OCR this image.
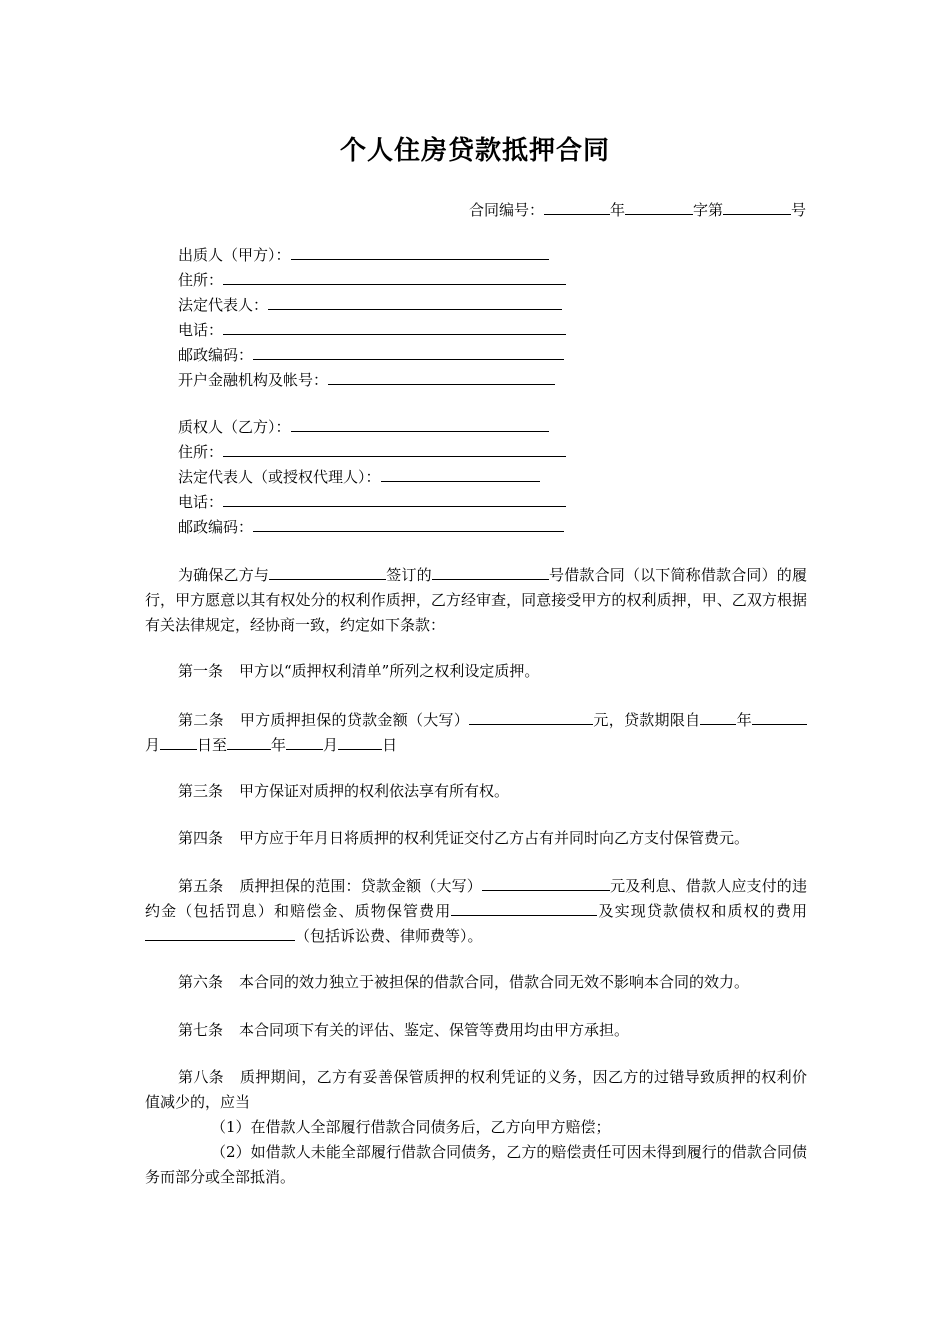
个人住房贷款抵押合同
合同编号：	年	字第	号
出质人（甲方）：
住所：
法定代表人：
电话：
邮政编码：
开户金融机构及帐号：
质权人（乙方）：
住所：
法定代表人（或授权代理人）：
电话：
邮政编码：
为确保乙方与	签订的	号借款合同（以下简称借款合同）的履行，甲方愿意以其有权处分的权利作质押，乙方经审查，同意接受甲方的权利质押，甲、乙双方根据有关法律规定，经协商一致，约定如下条款：
第一条 甲方以“质押权利清单”所列之权利设定质押。
第二条 甲方质押担保的贷款金额（大写）	元，贷款期限自 年月 日至	年 月	日
第三条 甲方保证对质押的权利依法享有所有权。
第四条 甲方应于年月日将质押的权利凭证交付乙方占有并同时向乙方支付保管费元。
第五条 质押担保的范围：贷款金额（大写）	元及利息、借款人应支付的违约金（包括罚息）和赔偿金、质物保管费用	及实现贷款债权和质权的费用（包括诉讼费、律师费等）。
第六条 本合同的效力独立于被担保的借款合同，借款合同无效不影响本合同的效力。
第七条 本合同项下有关的评估、鉴定、保管等费用均由甲方承担。
第八条 质押期间，乙方有妥善保管质押的权利凭证的义务，因乙方的过错导致质押的权利价值减少的，应当
（1）在借款人全部履行借款合同债务后，乙方向甲方赔偿；
（2）如借款人未能全部履行借款合同债务，乙方的赔偿责任可因未得到履行的借款合同债务而部分或全部抵消。
